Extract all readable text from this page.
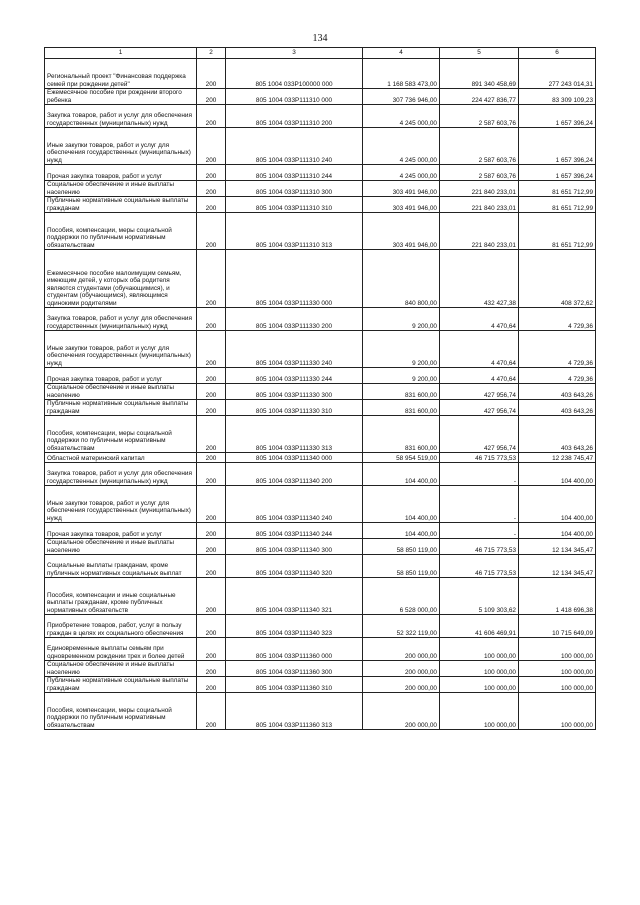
134
1	2	3	4	5	6
Региональный проект "Финансовая поддержка семей при рождении детей"	200	805 1004 033P100000 000	1 168 583 473,00	891 340 458,69	277 243 014,31
Ежемесячное пособие при рождении второго ребенка	200	805 1004 033P111310 000	307 736 946,00	224 427 836,77	83 309 109,23
Закупка товаров, работ и услуг для обеспечения государственных (муниципальных) нужд	200	805 1004 033P111310 200	4 245 000,00	2 587 603,76	1 657 396,24
Иные закупки товаров, работ и услуг для обеспечения государственных (муниципальных) нужд	200	805 1004 033P111310 240	4 245 000,00	2 587 603,76	1 657 396,24
Прочая закупка товаров, работ и услуг	200	805 1004 033P111310 244	4 245 000,00	2 587 603,76	1 657 396,24
Социальное обеспечение и иные выплаты населению	200	805 1004 033P111310 300	303 491 946,00	221 840 233,01	81 651 712,99
Публичные нормативные социальные выплаты гражданам	200	805 1004 033P111310 310	303 491 946,00	221 840 233,01	81 651 712,99
Пособия, компенсации, меры социальной поддержки по публичным нормативным обязательствам	200	805 1004 033P111310 313	303 491 946,00	221 840 233,01	81 651 712,99
Ежемесячное пособие малоимущим семьям, имеющим детей, у которых оба родителя являются студентами (обучающимися), и студентам (обучающимся), являющимся одинокими родителями	200	805 1004 033P111330 000	840 800,00	432 427,38	408 372,62
Закупка товаров, работ и услуг для обеспечения государственных (муниципальных) нужд	200	805 1004 033P111330 200	9 200,00	4 470,64	4 729,36
Иные закупки товаров, работ и услуг для обеспечения государственных (муниципальных) нужд	200	805 1004 033P111330 240	9 200,00	4 470,64	4 729,36
Прочая закупка товаров, работ и услуг	200	805 1004 033P111330 244	9 200,00	4 470,64	4 729,36
Социальное обеспечение и иные выплаты населению	200	805 1004 033P111330 300	831 600,00	427 956,74	403 643,26
Публичные нормативные социальные выплаты гражданам	200	805 1004 033P111330 310	831 600,00	427 956,74	403 643,26
Пособия, компенсации, меры социальной поддержки по публичным нормативным обязательствам	200	805 1004 033P111330 313	831 600,00	427 956,74	403 643,26
Областной материнский капитал	200	805 1004 033P111340 000	58 954 519,00	46 715 773,53	12 238 745,47
Закупка товаров, работ и услуг для обеспечения государственных (муниципальных) нужд	200	805 1004 033P111340 200	104 400,00	-	104 400,00
Иные закупки товаров, работ и услуг для обеспечения государственных (муниципальных) нужд	200	805 1004 033P111340 240	104 400,00	-	104 400,00
Прочая закупка товаров, работ и услуг	200	805 1004 033P111340 244	104 400,00	-	104 400,00
Социальное обеспечение и иные выплаты населению	200	805 1004 033P111340 300	58 850 119,00	46 715 773,53	12 134 345,47
Социальные выплаты гражданам, кроме публичных нормативных социальных выплат	200	805 1004 033P111340 320	58 850 119,00	46 715 773,53	12 134 345,47
Пособия, компенсации и иные социальные выплаты гражданам, кроме публичных нормативных обязательств	200	805 1004 033P111340 321	6 528 000,00	5 109 303,62	1 418 696,38
Приобретение товаров, работ, услуг в пользу граждан в целях их социального обеспечения	200	805 1004 033P111340 323	52 322 119,00	41 606 469,91	10 715 649,09
Единовременные выплаты семьям при одновременном рождении трех и более детей	200	805 1004 033P111360 000	200 000,00	100 000,00	100 000,00
Социальное обеспечение и иные выплаты населению	200	805 1004 033P111360 300	200 000,00	100 000,00	100 000,00
Публичные нормативные социальные выплаты гражданам	200	805 1004 033P111360 310	200 000,00	100 000,00	100 000,00
Пособия, компенсации, меры социальной поддержки по публичным нормативным обязательствам	200	805 1004 033P111360 313	200 000,00	100 000,00	100 000,00
